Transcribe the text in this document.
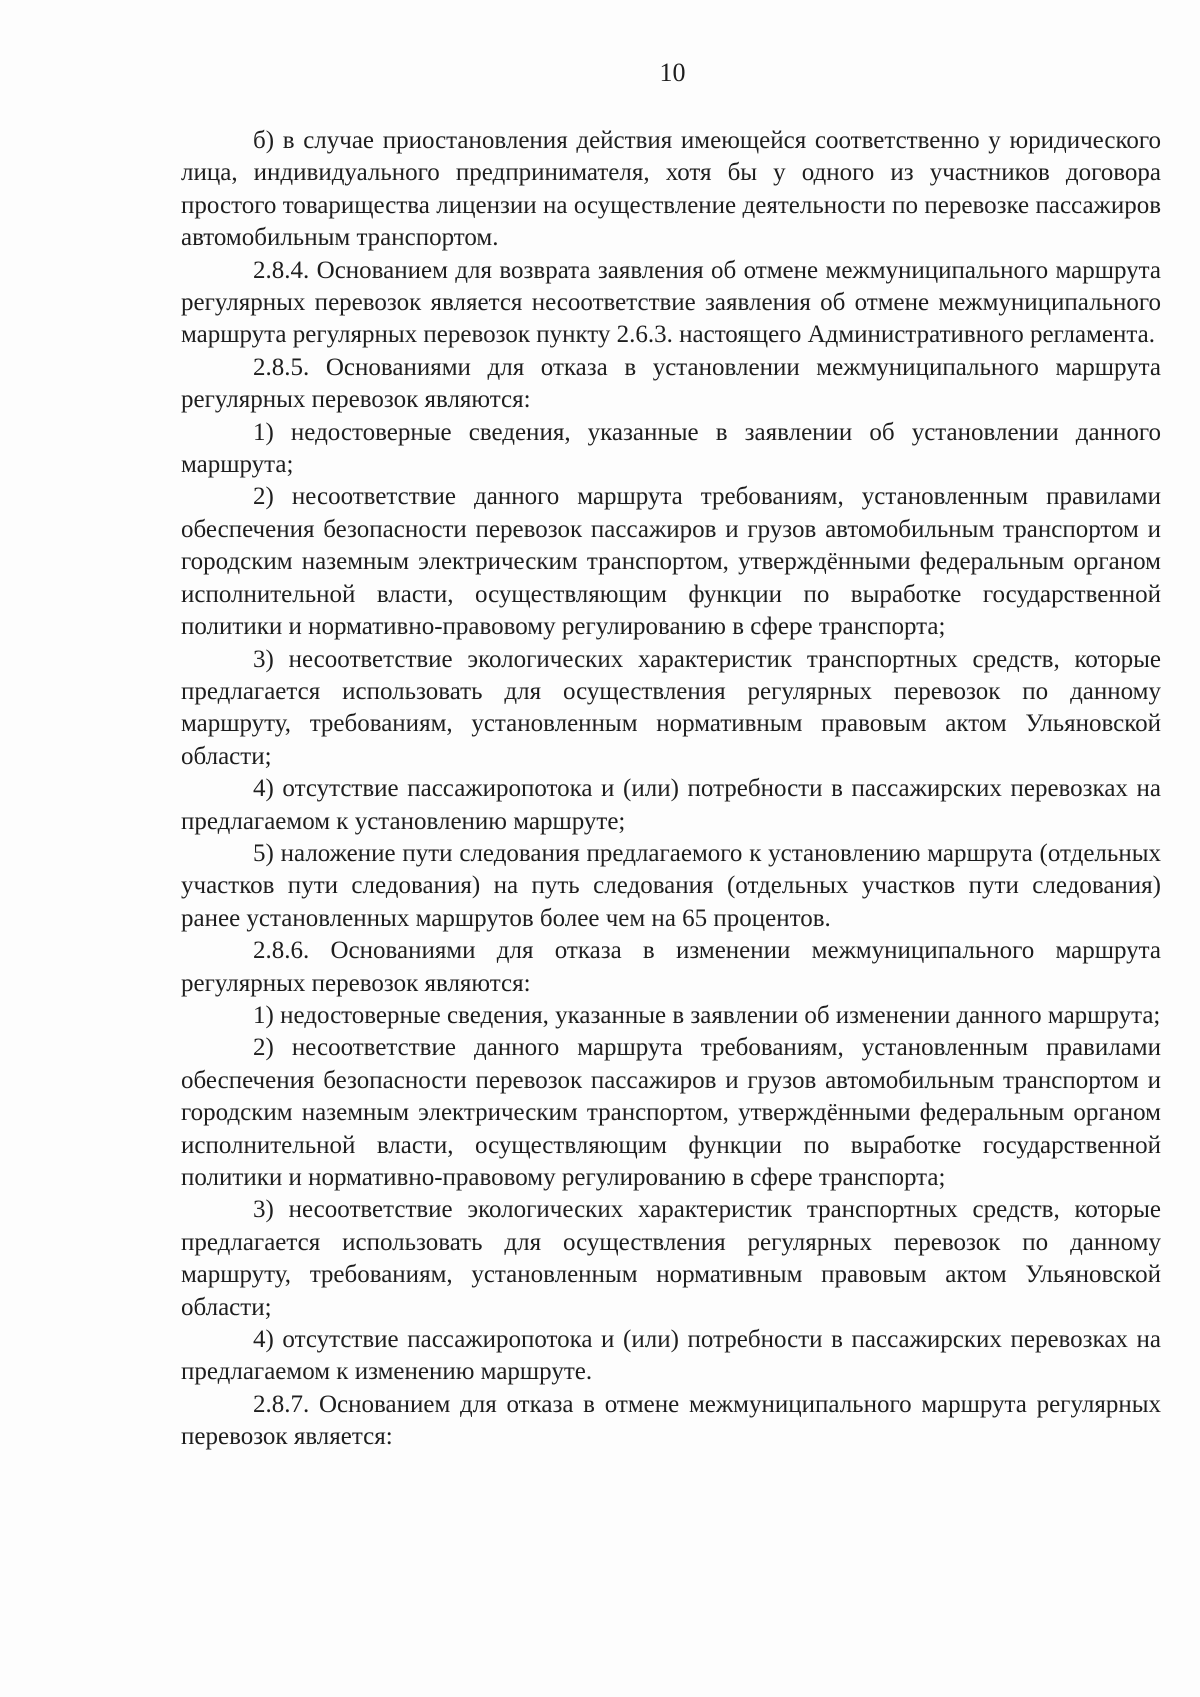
10

б) в случае приостановления действия имеющейся соответственно у юридического лица, индивидуального предпринимателя, хотя бы у одного из участников договора простого товарищества лицензии на осуществление деятельности по перевозке пассажиров автомобильным транспортом.

2.8.4. Основанием для возврата заявления об отмене межмуниципального маршрута регулярных перевозок является несоответствие заявления об отмене межмуниципального маршрута регулярных перевозок пункту 2.6.3. настоящего Административного регламента.

2.8.5. Основаниями для отказа в установлении межмуниципального маршрута регулярных перевозок являются:

1) недостоверные сведения, указанные в заявлении об установлении данного маршрута;

2) несоответствие данного маршрута требованиям, установленным правилами обеспечения безопасности перевозок пассажиров и грузов автомобильным транспортом и городским наземным электрическим транспортом, утверждёнными федеральным органом исполнительной власти, осуществляющим функции по выработке государственной политики и нормативно-правовому регулированию в сфере транспорта;

3) несоответствие экологических характеристик транспортных средств, которые предлагается использовать для осуществления регулярных перевозок по данному маршруту, требованиям, установленным нормативным правовым актом Ульяновской области;

4) отсутствие пассажиропотока и (или) потребности в пассажирских перевозках на предлагаемом к установлению маршруте;

5) наложение пути следования предлагаемого к установлению маршрута (отдельных участков пути следования) на путь следования (отдельных участков пути следования) ранее установленных маршрутов более чем на 65 процентов.

2.8.6. Основаниями для отказа в изменении межмуниципального маршрута регулярных перевозок являются:

1) недостоверные сведения, указанные в заявлении об изменении данного маршрута;

2) несоответствие данного маршрута требованиям, установленным правилами обеспечения безопасности перевозок пассажиров и грузов автомобильным транспортом и городским наземным электрическим транспортом, утверждёнными федеральным органом исполнительной власти, осуществляющим функции по выработке государственной политики и нормативно-правовому регулированию в сфере транспорта;

3) несоответствие экологических характеристик транспортных средств, которые предлагается использовать для осуществления регулярных перевозок по данному маршруту, требованиям, установленным нормативным правовым актом Ульяновской области;

4) отсутствие пассажиропотока и (или) потребности в пассажирских перевозках на предлагаемом к изменению маршруте.

2.8.7. Основанием для отказа в отмене межмуниципального маршрута регулярных перевозок является:
